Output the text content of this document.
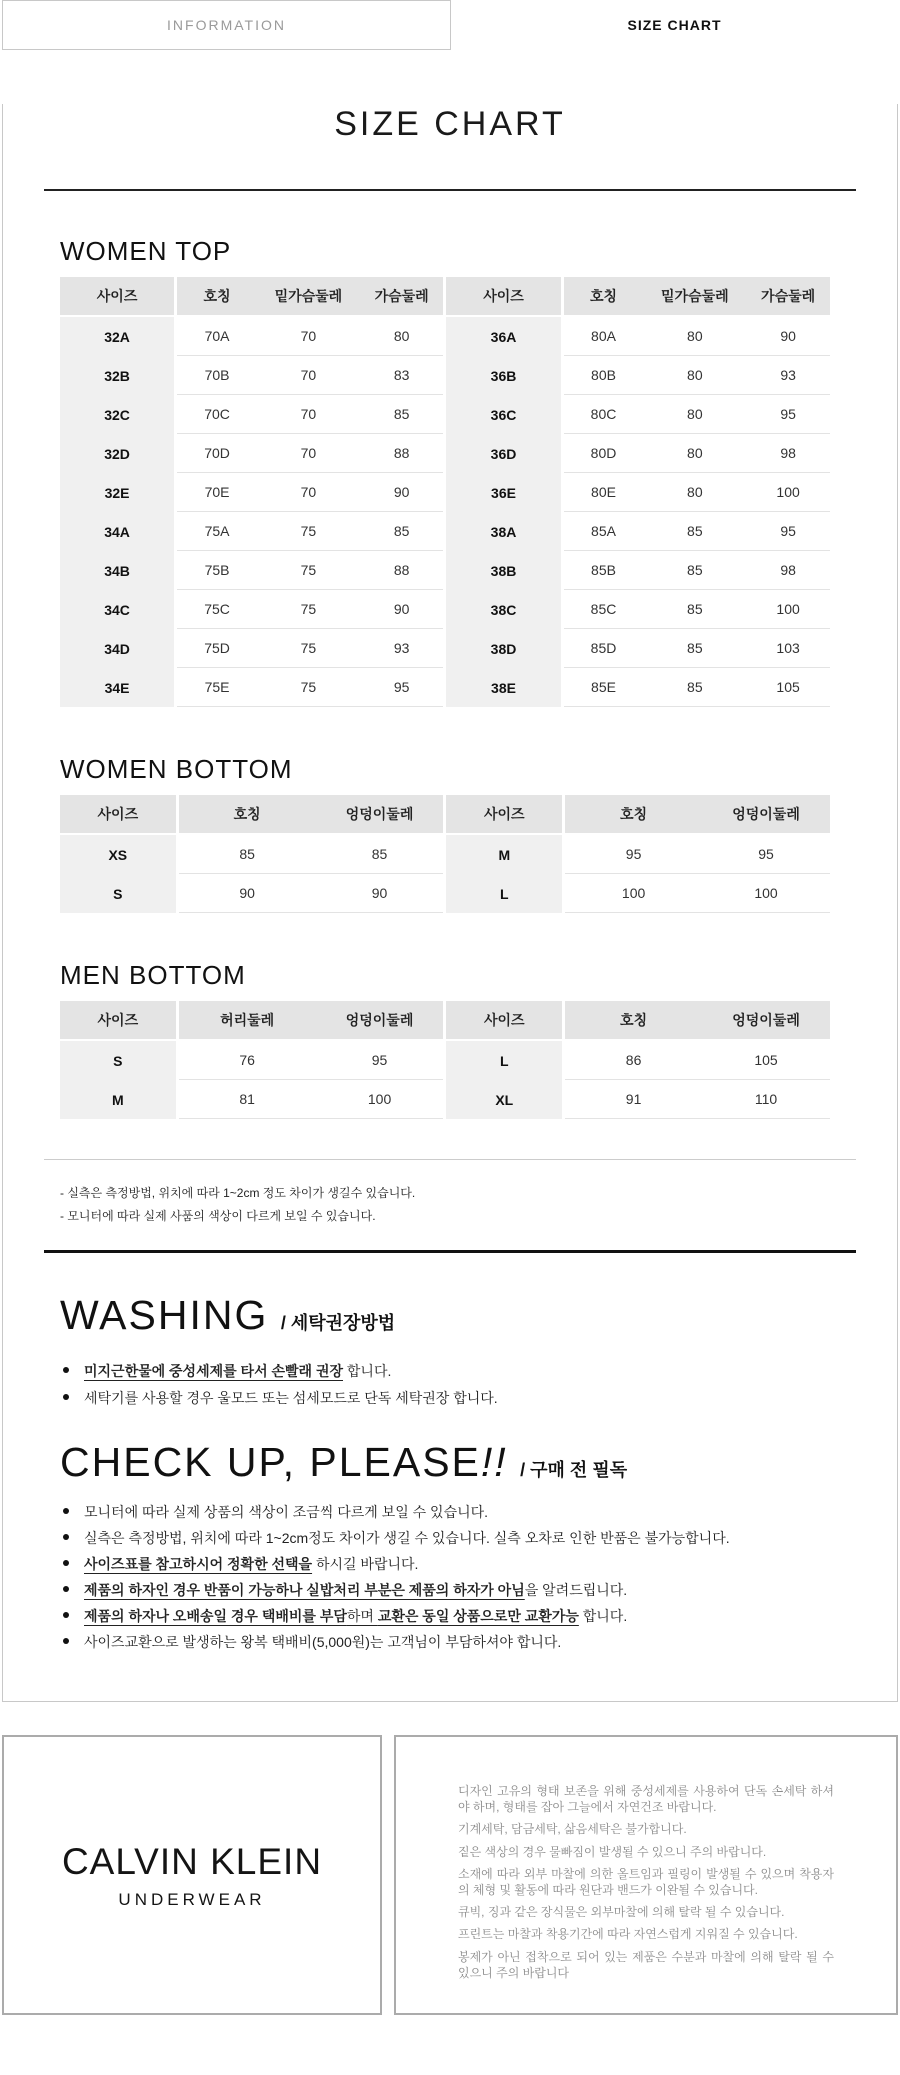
INFORMATION	SIZE CHART
SIZE CHART
WOMEN TOP
사이즈	호칭	밑가슴둘레	가슴둘레	사이즈	호칭	밑가슴둘레	가슴둘레
32A	70A	70	80	36A	80A	80	90
32B	70B	70	83	36B	80B	80	93
32C	70C	70	85	36C	80C	80	95
32D	70D	70	88	36D	80D	80	98
32E	70E	70	90	36E	80E	80	100
34A	75A	75	85	38A	85A	85	95
34B	75B	75	88	38B	85B	85	98
34C	75C	75	90	38C	85C	85	100
34D	75D	75	93	38D	85D	85	103
34E	75E	75	95	38E	85E	85	105
WOMEN BOTTOM
사이즈	호칭	엉덩이둘레	사이즈	호칭	엉덩이둘레
XS	85	85	M	95	95
S	90	90	L	100	100
MEN BOTTOM
사이즈	허리둘레	엉덩이둘레	사이즈	호칭	엉덩이둘레
S	76	95	L	86	105
M	81	100	XL	91	110
- 실측은 측정방법, 위치에 따라 1~2cm 정도 차이가 생길수 있습니다.
- 모니터에 따라 실제 사품의 색상이 다르게 보일 수 있습니다.
WASHING / 세탁권장방법
미지근한물에 중성세제를 타서 손빨래 권장 합니다.
세탁기를 사용할 경우 울모드 또는 섬세모드로 단독 세탁권장 합니다.
CHECK UP, PLEASE!! / 구매 전 필독
모니터에 따라 실제 상품의 색상이 조금씩 다르게 보일 수 있습니다.
실측은 측정방법, 위치에 따라 1~2cm정도 차이가 생길 수 있습니다. 실측 오차로 인한 반품은 불가능합니다.
사이즈표를 참고하시어 정확한 선택을 하시길 바랍니다.
제품의 하자인 경우 반품이 가능하나 실밥처리 부분은 제품의 하자가 아님을 알려드립니다.
제품의 하자나 오배송일 경우 택배비를 부담하며 교환은 동일 상품으로만 교환가능 합니다.
사이즈교환으로 발생하는 왕복 택배비(5,000원)는 고객님이 부담하셔야 합니다.
CALVIN KLEIN
UNDERWEAR

디자인 고유의 형태 보존을 위해 중성세제를 사용하여 단독 손세탁 하셔야 하며, 형태를 잡아 그늘에서 자연건조 바랍니다.

기계세탁, 담금세탁, 삶음세탁은 불가합니다.

짙은 색상의 경우 물빠짐이 발생될 수 있으니 주의 바랍니다.

소재에 따라 외부 마찰에 의한 올트임과 필링이 발생될 수 있으며 착용자의 체형 및 활동에 따라 원단과 밴드가 이완될 수 있습니다.

큐빅, 징과 같은 장식물은 외부마찰에 의해 탈락 될 수 있습니다.

프린트는 마찰과 착용기간에 따라 자연스럽게 지워질 수 있습니다.

봉제가 아닌 접착으로 되어 있는 제품은 수분과 마찰에 의해 탈락 될 수 있으니 주의 바랍니다
